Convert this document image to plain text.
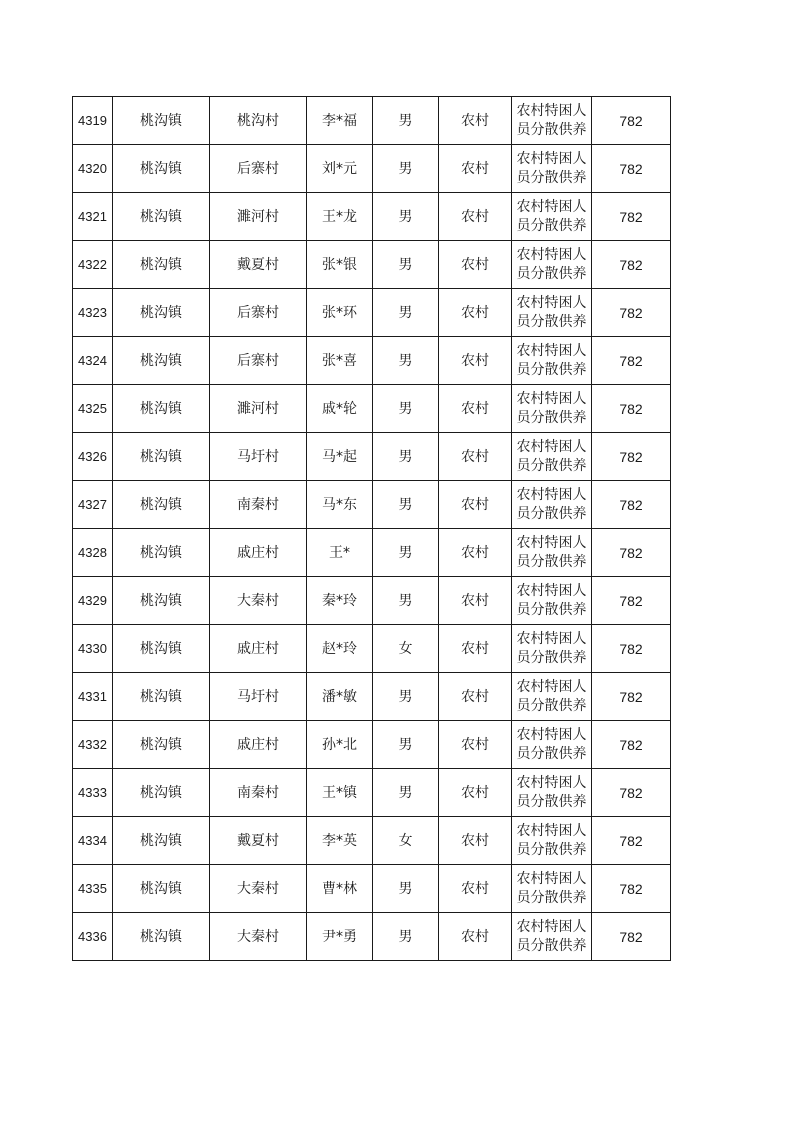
4319	桃沟镇	桃沟村	李*福	男	农村	农村特困人员分散供养	782
4320	桃沟镇	后寨村	刘*元	男	农村	农村特困人员分散供养	782
4321	桃沟镇	濉河村	王*龙	男	农村	农村特困人员分散供养	782
4322	桃沟镇	戴夏村	张*银	男	农村	农村特困人员分散供养	782
4323	桃沟镇	后寨村	张*环	男	农村	农村特困人员分散供养	782
4324	桃沟镇	后寨村	张*喜	男	农村	农村特困人员分散供养	782
4325	桃沟镇	濉河村	戚*轮	男	农村	农村特困人员分散供养	782
4326	桃沟镇	马圩村	马*起	男	农村	农村特困人员分散供养	782
4327	桃沟镇	南秦村	马*东	男	农村	农村特困人员分散供养	782
4328	桃沟镇	戚庄村	王*	男	农村	农村特困人员分散供养	782
4329	桃沟镇	大秦村	秦*玲	男	农村	农村特困人员分散供养	782
4330	桃沟镇	戚庄村	赵*玲	女	农村	农村特困人员分散供养	782
4331	桃沟镇	马圩村	潘*敏	男	农村	农村特困人员分散供养	782
4332	桃沟镇	戚庄村	孙*北	男	农村	农村特困人员分散供养	782
4333	桃沟镇	南秦村	王*镇	男	农村	农村特困人员分散供养	782
4334	桃沟镇	戴夏村	李*英	女	农村	农村特困人员分散供养	782
4335	桃沟镇	大秦村	曹*林	男	农村	农村特困人员分散供养	782
4336	桃沟镇	大秦村	尹*勇	男	农村	农村特困人员分散供养	782
